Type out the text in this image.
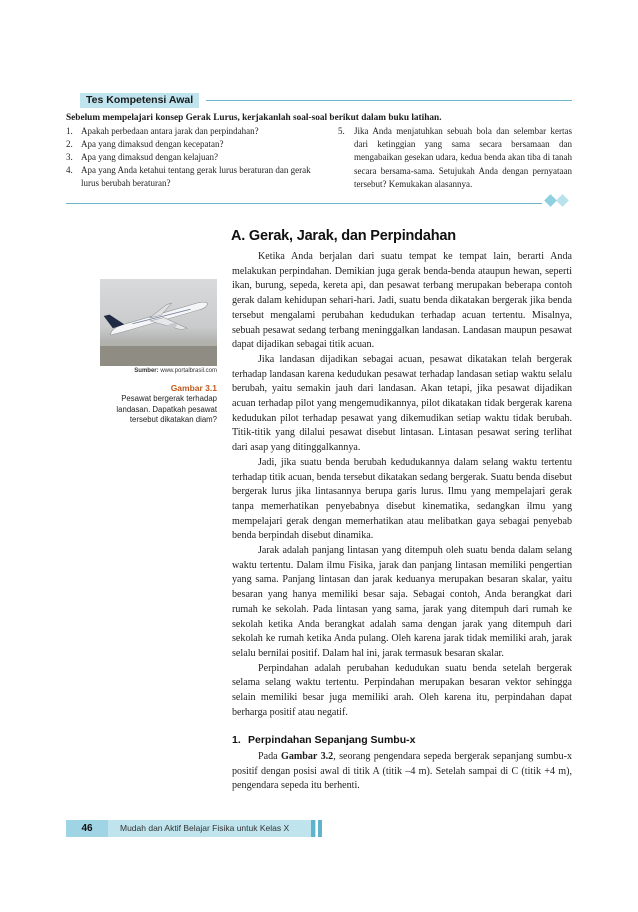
Tes Kompetensi Awal
Sebelum mempelajari konsep Gerak Lurus, kerjakanlah soal-soal berikut dalam buku latihan.
1. Apakah perbedaan antara jarak dan perpindahan?
2. Apa yang dimaksud dengan kecepatan?
3. Apa yang dimaksud dengan kelajuan?
4. Apa yang Anda ketahui tentang gerak lurus beraturan dan gerak lurus berubah beraturan?
5. Jika Anda menjatuhkan sebuah bola dan selembar kertas dari ketinggian yang sama secara bersamaan dan mengabaikan gesekan udara, kedua benda akan tiba di tanah secara bersama-sama. Setujukah Anda dengan pernyataan tersebut? Kemukakan alasannya.
A. Gerak, Jarak, dan Perpindahan
Sumber: www.portalbrasil.com
Gambar 3.1
Pesawat bergerak terhadap landasan. Dapatkah pesawat tersebut dikatakan diam?

Ketika Anda berjalan dari suatu tempat ke tempat lain, berarti Anda melakukan perpindahan. Demikian juga gerak benda-benda ataupun hewan, seperti ikan, burung, sepeda, kereta api, dan pesawat terbang merupakan beberapa contoh gerak dalam kehidupan sehari-hari. Jadi, suatu benda dikatakan bergerak jika benda tersebut mengalami perubahan kedudukan terhadap acuan tertentu. Misalnya, sebuah pesawat sedang terbang meninggalkan landasan. Landasan maupun pesawat dapat dijadikan sebagai titik acuan.

Jika landasan dijadikan sebagai acuan, pesawat dikatakan telah bergerak terhadap landasan karena kedudukan pesawat terhadap landasan setiap waktu selalu berubah, yaitu semakin jauh dari landasan. Akan tetapi, jika pesawat dijadikan acuan terhadap pilot yang mengemudikannya, pilot dikatakan tidak bergerak karena kedudukan pilot terhadap pesawat yang dikemudikan setiap waktu tidak berubah. Titik-titik yang dilalui pesawat disebut lintasan. Lintasan pesawat sering terlihat dari asap yang ditinggalkannya.

Jadi, jika suatu benda berubah kedudukannya dalam selang waktu tertentu terhadap titik acuan, benda tersebut dikatakan sedang bergerak. Suatu benda disebut bergerak lurus jika lintasannya berupa garis lurus. Ilmu yang mempelajari gerak tanpa memerhatikan penyebabnya disebut kinematika, sedangkan ilmu yang mempelajari gerak dengan memerhatikan atau melibatkan gaya sebagai penyebab benda berpindah disebut dinamika.

Jarak adalah panjang lintasan yang ditempuh oleh suatu benda dalam selang waktu tertentu. Dalam ilmu Fisika, jarak dan panjang lintasan memiliki pengertian yang sama. Panjang lintasan dan jarak keduanya merupakan besaran skalar, yaitu besaran yang hanya memiliki besar saja. Sebagai contoh, Anda berangkat dari rumah ke sekolah. Pada lintasan yang sama, jarak yang ditempuh dari rumah ke sekolah ketika Anda berangkat adalah sama dengan jarak yang ditempuh dari sekolah ke rumah ketika Anda pulang. Oleh karena jarak tidak memiliki arah, jarak selalu bernilai positif. Dalam hal ini, jarak termasuk besaran skalar.

Perpindahan adalah perubahan kedudukan suatu benda setelah bergerak selama selang waktu tertentu. Perpindahan merupakan besaran vektor sehingga selain memiliki besar juga memiliki arah. Oleh karena itu, perpindahan dapat berharga positif atau negatif.

1. Perpindahan Sepanjang Sumbu-x

Pada Gambar 3.2, seorang pengendara sepeda bergerak sepanjang sumbu-x positif dengan posisi awal di titik A (titik –4 m). Setelah sampai di C (titik +4 m), pengendara sepeda itu berhenti.

46	Mudah dan Aktif Belajar Fisika untuk Kelas X
